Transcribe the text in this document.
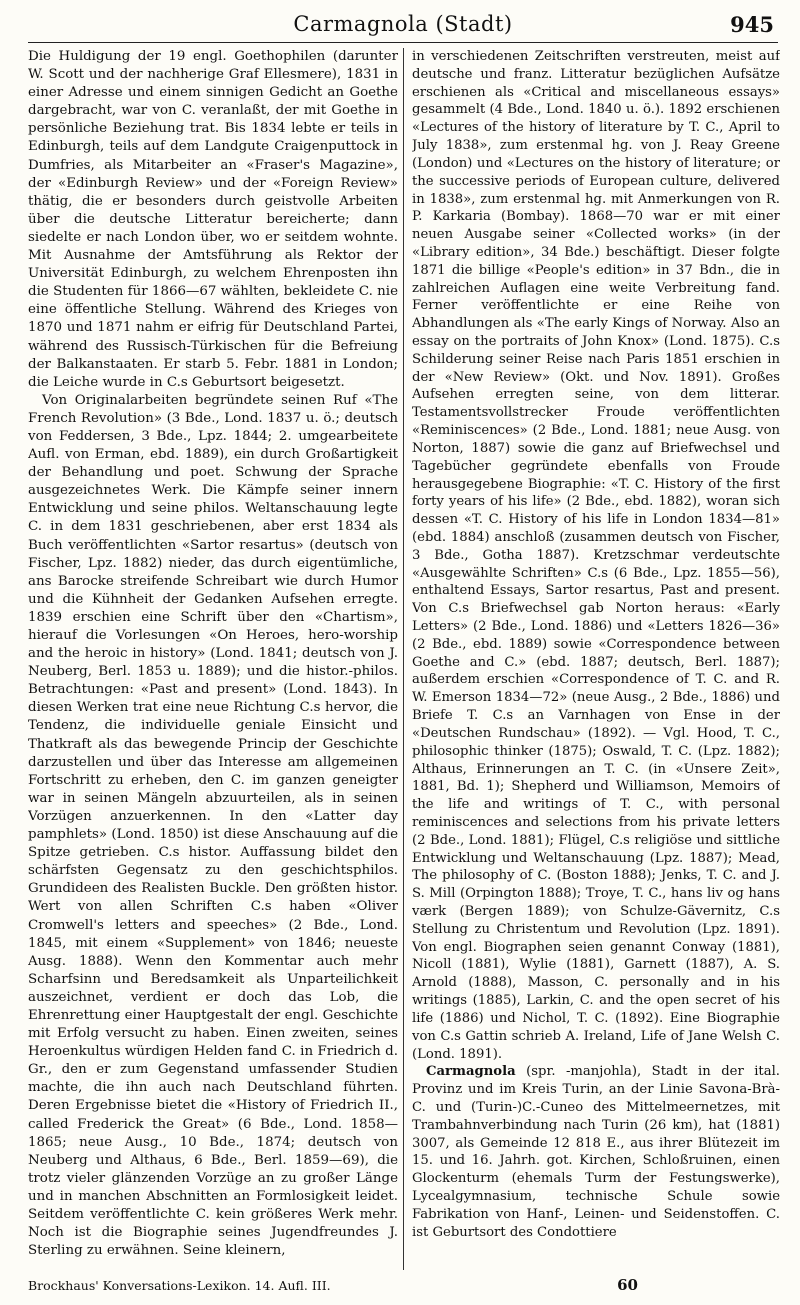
Carmagnola (Stadt)	945

Die Huldigung der 19 engl. Goethophilen (darunter W. Scott und der nachherige Graf Ellesmere), 1831 in einer Adresse und einem sinnigen Gedicht an Goethe dargebracht, war von C. veranlaßt, der mit Goethe in persönliche Beziehung trat. Bis 1834 lebte er teils in Edinburgh, teils auf dem Landgute Craigenputtock in Dumfries, als Mitarbeiter an «Fraser's Magazine», der «Edinburgh Review» und der «Foreign Review» thätig, die er besonders durch geistvolle Arbeiten über die deutsche Litteratur bereicherte; dann siedelte er nach London über, wo er seitdem wohnte. Mit Ausnahme der Amtsführung als Rektor der Universität Edinburgh, zu welchem Ehrenposten ihn die Studenten für 1866—67 wählten, bekleidete C. nie eine öffentliche Stellung. Während des Krieges von 1870 und 1871 nahm er eifrig für Deutschland Partei, während des Russisch-Türkischen für die Befreiung der Balkanstaaten. Er starb 5. Febr. 1881 in London; die Leiche wurde in C.s Geburtsort beigesetzt.

Von Originalarbeiten begründete seinen Ruf «The French Revolution» (3 Bde., Lond. 1837 u. ö.; deutsch von Feddersen, 3 Bde., Lpz. 1844; 2. umgearbeitete Aufl. von Erman, ebd. 1889), ein durch Großartigkeit der Behandlung und poet. Schwung der Sprache ausgezeichnetes Werk. Die Kämpfe seiner innern Entwicklung und seine philos. Weltanschauung legte C. in dem 1831 geschriebenen, aber erst 1834 als Buch veröffentlichten «Sartor resartus» (deutsch von Fischer, Lpz. 1882) nieder, das durch eigentümliche, ans Barocke streifende Schreibart wie durch Humor und die Kühnheit der Gedanken Aufsehen erregte. 1839 erschien eine Schrift über den «Chartism», hierauf die Vorlesungen «On Heroes, hero-worship and the heroic in history» (Lond. 1841; deutsch von J. Neuberg, Berl. 1853 u. 1889); und die histor.-philos. Betrachtungen: «Past and present» (Lond. 1843). In diesen Werken trat eine neue Richtung C.s hervor, die Tendenz, die individuelle geniale Einsicht und Thatkraft als das bewegende Princip der Geschichte darzustellen und über das Interesse am allgemeinen Fortschritt zu erheben, den C. im ganzen geneigter war in seinen Mängeln abzuurteilen, als in seinen Vorzügen anzuerkennen. In den «Latter day pamphlets» (Lond. 1850) ist diese Anschauung auf die Spitze getrieben. C.s histor. Auffassung bildet den schärfsten Gegensatz zu den geschichtsphilos. Grundideen des Realisten Buckle. Den größten histor. Wert von allen Schriften C.s haben «Oliver Cromwell's letters and speeches» (2 Bde., Lond. 1845, mit einem «Supplement» von 1846; neueste Ausg. 1888). Wenn den Kommentar auch mehr Scharfsinn und Beredsamkeit als Unparteilichkeit auszeichnet, verdient er doch das Lob, die Ehrenrettung einer Hauptgestalt der engl. Geschichte mit Erfolg versucht zu haben. Einen zweiten, seines Heroenkultus würdigen Helden fand C. in Friedrich d. Gr., den er zum Gegenstand umfassender Studien machte, die ihn auch nach Deutschland führten. Deren Ergebnisse bietet die «History of Friedrich II., called Frederick the Great» (6 Bde., Lond. 1858—1865; neue Ausg., 10 Bde., 1874; deutsch von Neuberg und Althaus, 6 Bde., Berl. 1859—69), die trotz vieler glänzenden Vorzüge an zu großer Länge und in manchen Abschnitten an Formlosigkeit leidet. Seitdem veröffentlichte C. kein größeres Werk mehr. Noch ist die Biographie seines Jugendfreundes J. Sterling zu erwähnen. Seine kleinern,

in verschiedenen Zeitschriften verstreuten, meist auf deutsche und franz. Litteratur bezüglichen Aufsätze erschienen als «Critical and miscellaneous essays» gesammelt (4 Bde., Lond. 1840 u. ö.). 1892 erschienen «Lectures of the history of literature by T. C., April to July 1838», zum erstenmal hg. von J. Reay Greene (London) und «Lectures on the history of literature; or the successive periods of European culture, delivered in 1838», zum erstenmal hg. mit Anmerkungen von R. P. Karkaria (Bombay). 1868—70 war er mit einer neuen Ausgabe seiner «Collected works» (in der «Library edition», 34 Bde.) beschäftigt. Dieser folgte 1871 die billige «People's edition» in 37 Bdn., die in zahlreichen Auflagen eine weite Verbreitung fand. Ferner veröffentlichte er eine Reihe von Abhandlungen als «The early Kings of Norway. Also an essay on the portraits of John Knox» (Lond. 1875). C.s Schilderung seiner Reise nach Paris 1851 erschien in der «New Review» (Okt. und Nov. 1891). Großes Aufsehen erregten seine, von dem litterar. Testamentsvollstrecker Froude veröffentlichten «Reminiscences» (2 Bde., Lond. 1881; neue Ausg. von Norton, 1887) sowie die ganz auf Briefwechsel und Tagebücher gegründete ebenfalls von Froude herausgegebene Biographie: «T. C. History of the first forty years of his life» (2 Bde., ebd. 1882), woran sich dessen «T. C. History of his life in London 1834—81» (ebd. 1884) anschloß (zusammen deutsch von Fischer, 3 Bde., Gotha 1887). Kretzschmar verdeutschte «Ausgewählte Schriften» C.s (6 Bde., Lpz. 1855—56), enthaltend Essays, Sartor resartus, Past and present. Von C.s Briefwechsel gab Norton heraus: «Early Letters» (2 Bde., Lond. 1886) und «Letters 1826—36» (2 Bde., ebd. 1889) sowie «Correspondence between Goethe and C.» (ebd. 1887; deutsch, Berl. 1887); außerdem erschien «Correspondence of T. C. and R. W. Emerson 1834—72» (neue Ausg., 2 Bde., 1886) und Briefe T. C.s an Varnhagen von Ense in der «Deutschen Rundschau» (1892). — Vgl. Hood, T. C., philosophic thinker (1875); Oswald, T. C. (Lpz. 1882); Althaus, Erinnerungen an T. C. (in «Unsere Zeit», 1881, Bd. 1); Shepherd und Williamson, Memoirs of the life and writings of T. C., with personal reminiscences and selections from his private letters (2 Bde., Lond. 1881); Flügel, C.s religiöse und sittliche Entwicklung und Weltanschauung (Lpz. 1887); Mead, The philosophy of C. (Boston 1888); Jenks, T. C. and J. S. Mill (Orpington 1888); Troye, T. C., hans liv og hans værk (Bergen 1889); von Schulze-Gävernitz, C.s Stellung zu Christentum und Revolution (Lpz. 1891). Von engl. Biographen seien genannt Conway (1881), Nicoll (1881), Wylie (1881), Garnett (1887), A. S. Arnold (1888), Masson, C. personally and in his writings (1885), Larkin, C. and the open secret of his life (1886) und Nichol, T. C. (1892). Eine Biographie von C.s Gattin schrieb A. Ireland, Life of Jane Welsh C. (Lond. 1891).

Carmagnola (spr. -manjohla), Stadt in der ital. Provinz und im Kreis Turin, an der Linie Savona-Brà-C. und (Turin-)C.-Cuneo des Mittelmeernetzes, mit Trambahnverbindung nach Turin (26 km), hat (1881) 3007, als Gemeinde 12 818 E., aus ihrer Blütezeit im 15. und 16. Jahrh. got. Kirchen, Schloßruinen, einen Glockenturm (ehemals Turm der Festungswerke), Lycealgymnasium, technische Schule sowie Fabrikation von Hanf-, Leinen- und Seidenstoffen. C. ist Geburtsort des Condottiere

Brockhaus' Konversations-Lexikon. 14. Aufl. III.	60
